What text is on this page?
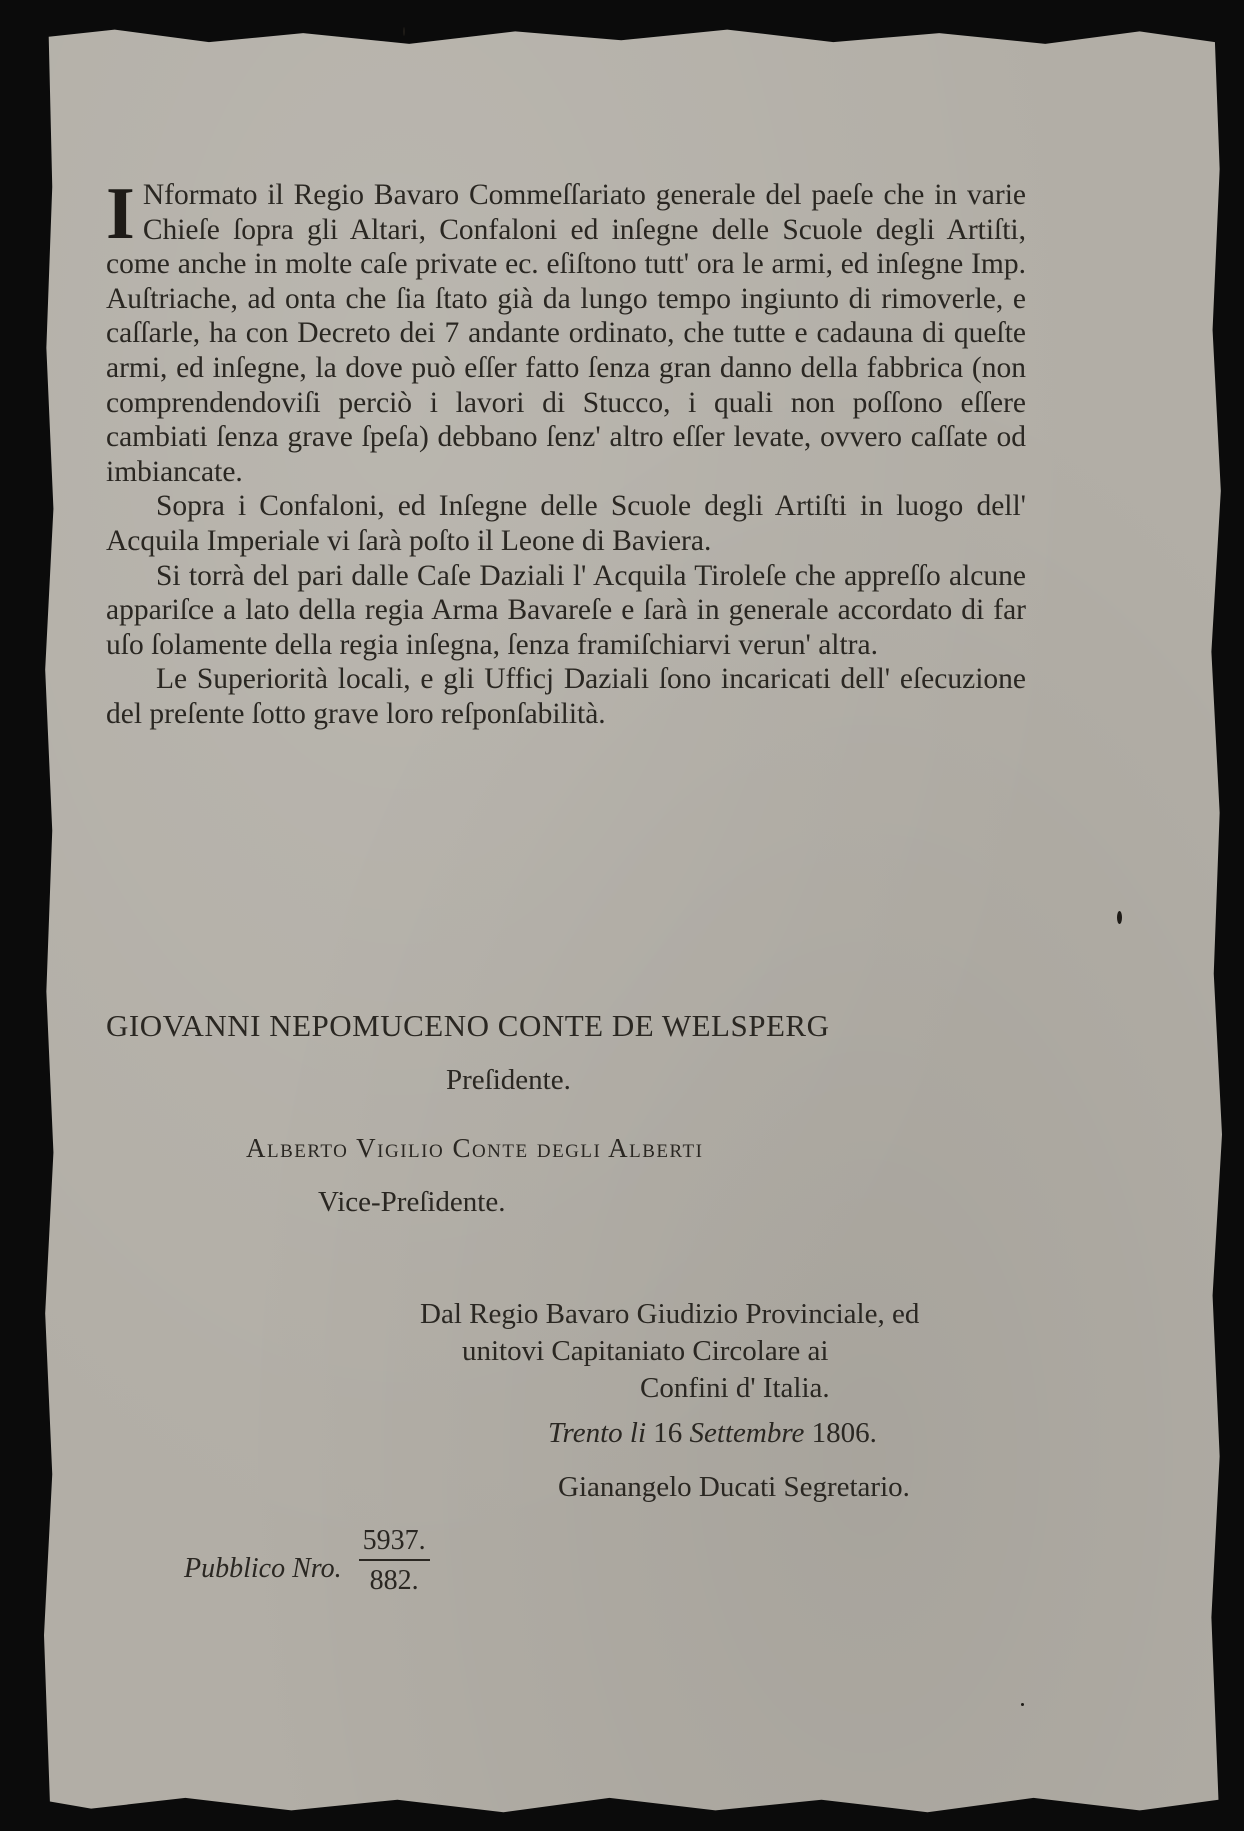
I Nformato il Regio Bavaro Commeſſariato generale del paeſe che in varie Chieſe ſopra gli Altari, Confaloni ed inſegne delle Scuole degli Artiſti, come anche in molte caſe private ec. eſiſtono tutt' ora le armi, ed inſegne Imp. Auſtriache, ad onta che ſia ſtato già da lungo tempo ingiunto di rimoverle, e caſſarle, ha con Decreto dei 7 andante ordinato, che tutte e cadauna di queſte armi, ed inſegne, la dove può eſſer fatto ſenza gran danno della fabbrica (non comprendendoviſi perciò i lavori di Stucco, i quali non poſſono eſſere cambiati ſenza grave ſpeſa) debbano ſenz' altro eſſer levate, ovvero caſſate od imbiancate.

Sopra i Confaloni, ed Inſegne delle Scuole degli Artiſti in luogo dell' Acquila Imperiale vi ſarà poſto il Leone di Baviera.

Si torrà del pari dalle Caſe Daziali l' Acquila Tiroleſe che appreſſo alcune appariſce a lato della regia Arma Bavareſe e ſarà in generale accordato di far uſo ſolamente della regia inſegna, ſenza framiſchiarvi verun' altra.

Le Superiorità locali, e gli Ufficj Daziali ſono incaricati dell' eſecuzione del preſente ſotto grave loro reſponſabilità.

GIOVANNI NEPOMUCENO CONTE DE WELSPERG
Preſidente.
Alberto Vigilio Conte degli Alberti
Vice-Preſidente.
Dal Regio Bavaro Giudizio Provinciale, ed
unitovi Capitaniato Circolare ai
Confini d' Italia.
Trento li 16 Settembre 1806.
Gianangelo Ducati Segretario.
Pubblico Nro. $\frac{5937.}{882.}$
